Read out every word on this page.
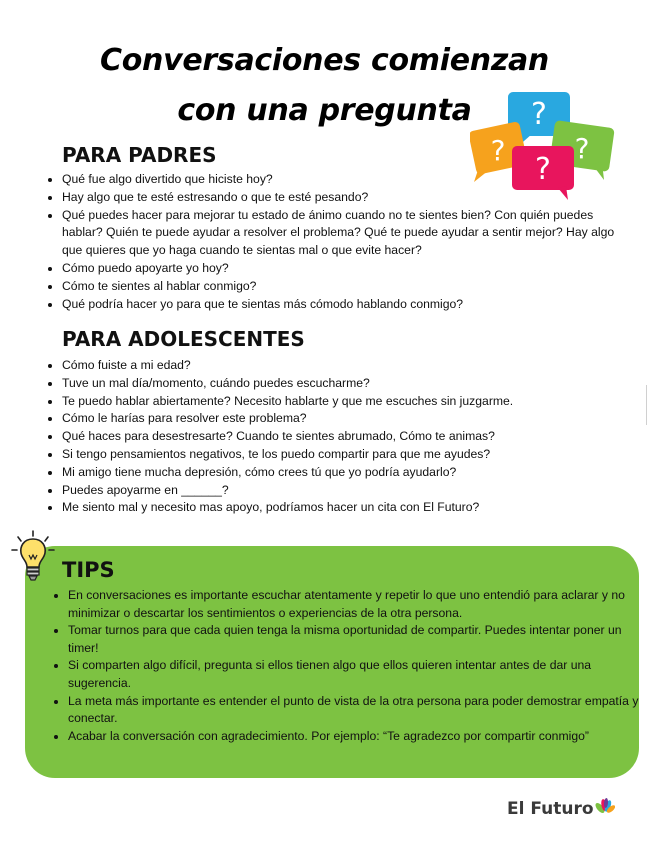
Conversaciones comienzan
con una pregunta	?
? ?
?
PARA PADRES
• Qué fue algo divertido que hiciste hoy?
• Hay algo que te esté estresando o que te esté pesando?
• Qué puedes hacer para mejorar tu estado de ánimo cuando no te sientes bien? Con quién puedes hablar? Quién te puede ayudar a resolver el problema? Qué te puede ayudar a sentir mejor? Hay algo que quieres que yo haga cuando te sientas mal o que evite hacer?
• Cómo puedo apoyarte yo hoy?
• Cómo te sientes al hablar conmigo?
• Qué podría hacer yo para que te sientas más cómodo hablando conmigo?
PARA ADOLESCENTES
• Cómo fuiste a mi edad?
• Tuve un mal día/momento, cuándo puedes escucharme?
• Te puedo hablar abiertamente? Necesito hablarte y que me escuches sin juzgarme.
• Cómo le harías para resolver este problema?
• Qué haces para desestresarte? Cuando te sientes abrumado, Cómo te animas?
• Si tengo pensamientos negativos, te los puedo compartir para que me ayudes?
• Mi amigo tiene mucha depresión, cómo crees tú que yo podría ayudarlo?
• Puedes apoyarme en ______?
• Me siento mal y necesito mas apoyo, podríamos hacer un cita con El Futuro?
TIPS
• En conversaciones es importante escuchar atentamente y repetir lo que uno entendió para aclarar y no minimizar o descartar los sentimientos o experiencias de la otra persona.
• Tomar turnos para que cada quien tenga la misma oportunidad de compartir. Puedes intentar poner un timer!
• Si comparten algo difícil, pregunta si ellos tienen algo que ellos quieren intentar antes de dar una sugerencia.
• La meta más importante es entender el punto de vista de la otra persona para poder demostrar empatía y conectar.
• Acabar la conversación con agradecimiento. Por ejemplo: “Te agradezco por compartir conmigo”
El Futuro
